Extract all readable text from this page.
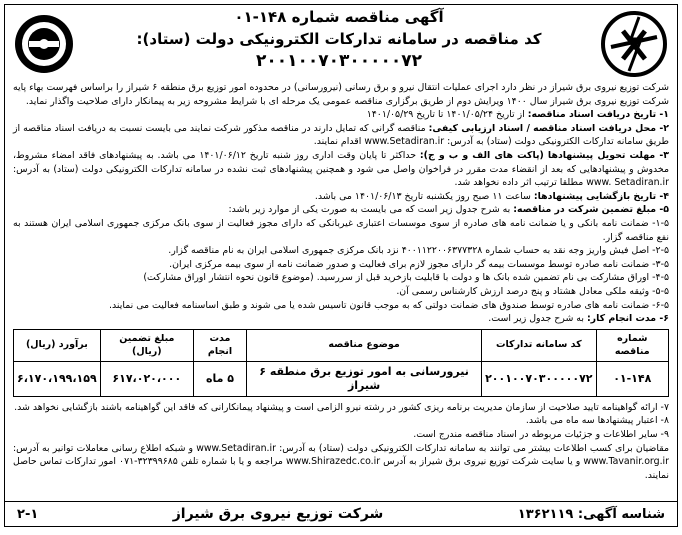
آگهی مناقصه شماره ۱۴۸-۰۱
کد مناقصه در سامانه تدارکات الکترونیکی دولت (ستاد):
۲۰۰۱۰۰۷۰۳۰۰۰۰۰۷۲

شرکت توزیع نیروی برق شیراز در نظر دارد اجرای عملیات انتقال نیرو و برق رسانی (نیرورسانی) در محدوده امور توزیع برق منطقه ۶ شیراز را براساس فهرست بهاء پایه شرکت توزیع نیروی برق شیراز سال ۱۴۰۰ ویرایش دوم از طریق برگزاری مناقصه عمومی یک مرحله ای با شرایط مشروحه زیر به پیمانکار دارای صلاحیت واگذار نماید.

۱- تاریخ دریافت اسناد مناقصه: از تاریخ ۱۴۰۱/۰۵/۲۴ تا تاریخ ۱۴۰۱/۰۵/۲۹

۲- محل دریافت اسناد مناقصه / اسناد ارزیابی کیفی: مناقصه گرانی که تمایل دارند در مناقصه مذکور شرکت نمایند می بایست نسبت به دریافت اسناد مناقصه از طریق سامانه تدارکات الکترونیکی دولت (ستاد) به آدرس: www.Setadiran.ir اقدام نمایند.

۳- مهلت تحویل پیشنهادها (پاکت های الف و ب و ج): حداکثر تا پایان وقت اداری روز شنبه تاریخ ۱۴۰۱/۰۶/۱۲ می باشد. به پیشنهادهای فاقد امضاء مشروط، مخدوش و پیشنهادهایی که بعد از انقضاء مدت مقرر در فراخوان واصل می شود و همچنین پیشنهادهای ثبت نشده در سامانه تدارکات الکترونیکی دولت (ستاد) به آدرس: www. Setadiran.ir مطلقا ترتیب اثر داده نخواهد شد.

۴- تاریخ بازگشایی پیشنهادها: ساعت ۱۱ صبح روز یکشنبه تاریخ ۱۴۰۱/۰۶/۱۳ می باشد.

۵- مبلغ تضمین شرکت در مناقصه: به شرح جدول زیر است که می بایست به صورت یکی از موارد زیر باشد:

۱-۵- ضمانت نامه بانکی و یا ضمانت نامه های صادره از سوی موسسات اعتباری غیربانکی که دارای مجوز فعالیت از سوی بانک مرکزی جمهوری اسلامی ایران هستند به نفع مناقصه گزار.

۲-۵- اصل فیش واریز وجه نقد به حساب شماره ۴۰۰۱۱۲۲۰۰۶۳۷۷۳۲۸ نزد بانک مرکزی جمهوری اسلامی ایران به نام مناقصه گزار.

۳-۵- ضمانت نامه صادره توسط موسسات بیمه گر دارای مجوز لازم برای فعالیت و صدور ضمانت نامه از سوی بیمه مرکزی ایران.

۴-۵- اوراق مشارکت بی نام تضمین شده بانک ها و دولت با قابلیت بازخرید قبل از سررسید. (موضوع قانون نحوه انتشار اوراق مشارکت)

۵-۵- وثیقه ملکی معادل هشتاد و پنج درصد ارزش کارشناس رسمی آن.

۶-۵- ضمانت نامه های صادره توسط صندوق های ضمانت دولتی که به موجب قانون تاسیس شده یا می شوند و طبق اساسنامه فعالیت می نمایند.

۶- مدت انجام کار: به شرح جدول زیر است.

شماره مناقصه	کد سامانه تدارکات	موضوع مناقصه	مدت انجام	مبلغ تضمین (ریال)	برآورد (ریال)
۰۱-۱۴۸	۲۰۰۱۰۰۷۰۳۰۰۰۰۰۷۲	نیرورسانی به امور توزیع برق منطقه ۶ شیراز	۵ ماه	۶۱۷،۰۲۰،۰۰۰	۶،۱۷۰،۱۹۹،۱۵۹

۷- ارائه گواهینامه تایید صلاحیت از سازمان مدیریت برنامه ریزی کشور در رشته نیرو الزامی است و پیشنهاد پیمانکارانی که فاقد این گواهینامه باشند بازگشایی نخواهد شد.

۸- اعتبار پیشنهادها سه ماه می باشد.

۹- سایر اطلاعات و جزئیات مربوطه در اسناد مناقصه مندرج است.

مقاضیان برای کسب اطلاعات بیشتر می توانند به سامانه تدارکات الکترونیکی دولت (ستاد) به آدرس: www.Setadiran.ir و شبکه اطلاع رسانی معاملات توانیر به آدرس: www.Tavanir.org.ir و یا سایت شرکت توزیع نیروی برق شیراز به آدرس www.Shirazedc.co.ir مراجعه و یا با شماره تلفن ۳۲۳۹۹۶۸۵-۰۷۱ امور تدارکات تماس حاصل نمایند.

شناسه آگهی: ۱۳۶۲۱۱۹
شرکت توزیع نیروی برق شیراز
۲-۱
